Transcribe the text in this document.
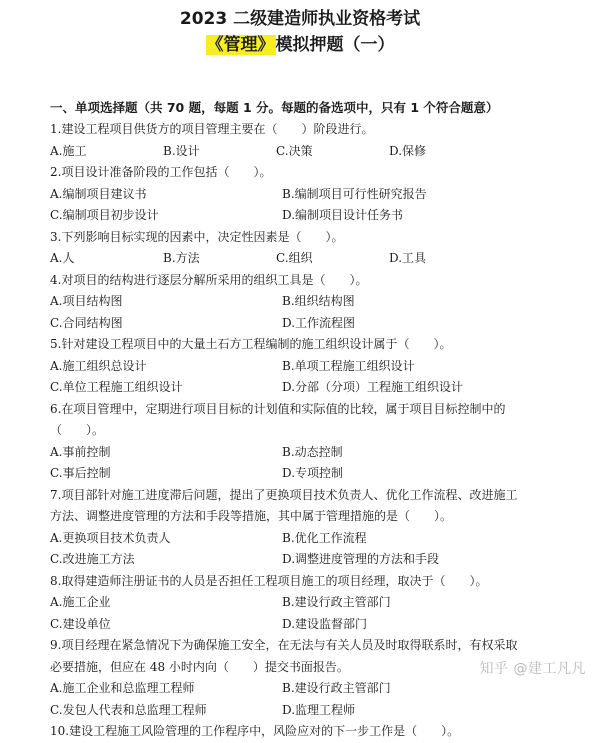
2023 二级建造师执业资格考试
《管理》模拟押题（一）
一、单项选择题（共 70 题，每题 1 分。每题的备选项中，只有 1 个符合题意）
1.建设工程项目供货方的项目管理主要在（　　）阶段进行。
A.施工	B.设计	C.决策	D.保修
2.项目设计准备阶段的工作包括（　　）。
A.编制项目建议书	B.编制项目可行性研究报告
C.编制项目初步设计	D.编制项目设计任务书
3.下列影响目标实现的因素中，决定性因素是（　　）。
A.人	B.方法	C.组织	D.工具
4.对项目的结构进行逐层分解所采用的组织工具是（　　）。
A.项目结构图	B.组织结构图
C.合同结构图	D.工作流程图
5.针对建设工程项目中的大量土石方工程编制的施工组织设计属于（　　）。
A.施工组织总设计	B.单项工程施工组织设计
C.单位工程施工组织设计	D.分部（分项）工程施工组织设计
6.在项目管理中，定期进行项目目标的计划值和实际值的比较，属于项目目标控制中的
（　　）。
A.事前控制	B.动态控制
C.事后控制	D.专项控制
7.项目部针对施工进度滞后问题，提出了更换项目技术负责人、优化工作流程、改进施工
方法、调整进度管理的方法和手段等措施，其中属于管理措施的是（　　）。
A.更换项目技术负责人	B.优化工作流程
C.改进施工方法	D.调整进度管理的方法和手段
8.取得建造师注册证书的人员是否担任工程项目施工的项目经理，取决于（　　）。
A.施工企业	B.建设行政主管部门
C.建设单位	D.建设监督部门
9.项目经理在紧急情况下为确保施工安全，在无法与有关人员及时取得联系时，有权采取
必要措施，但应在 48 小时内向（　　）提交书面报告。
A.施工企业和总监理工程师	B.建设行政主管部门
C.发包人代表和总监理工程师	D.监理工程师
10.建设工程施工风险管理的工作程序中，风险应对的下一步工作是（　　）。
知乎 @建工凡凡
